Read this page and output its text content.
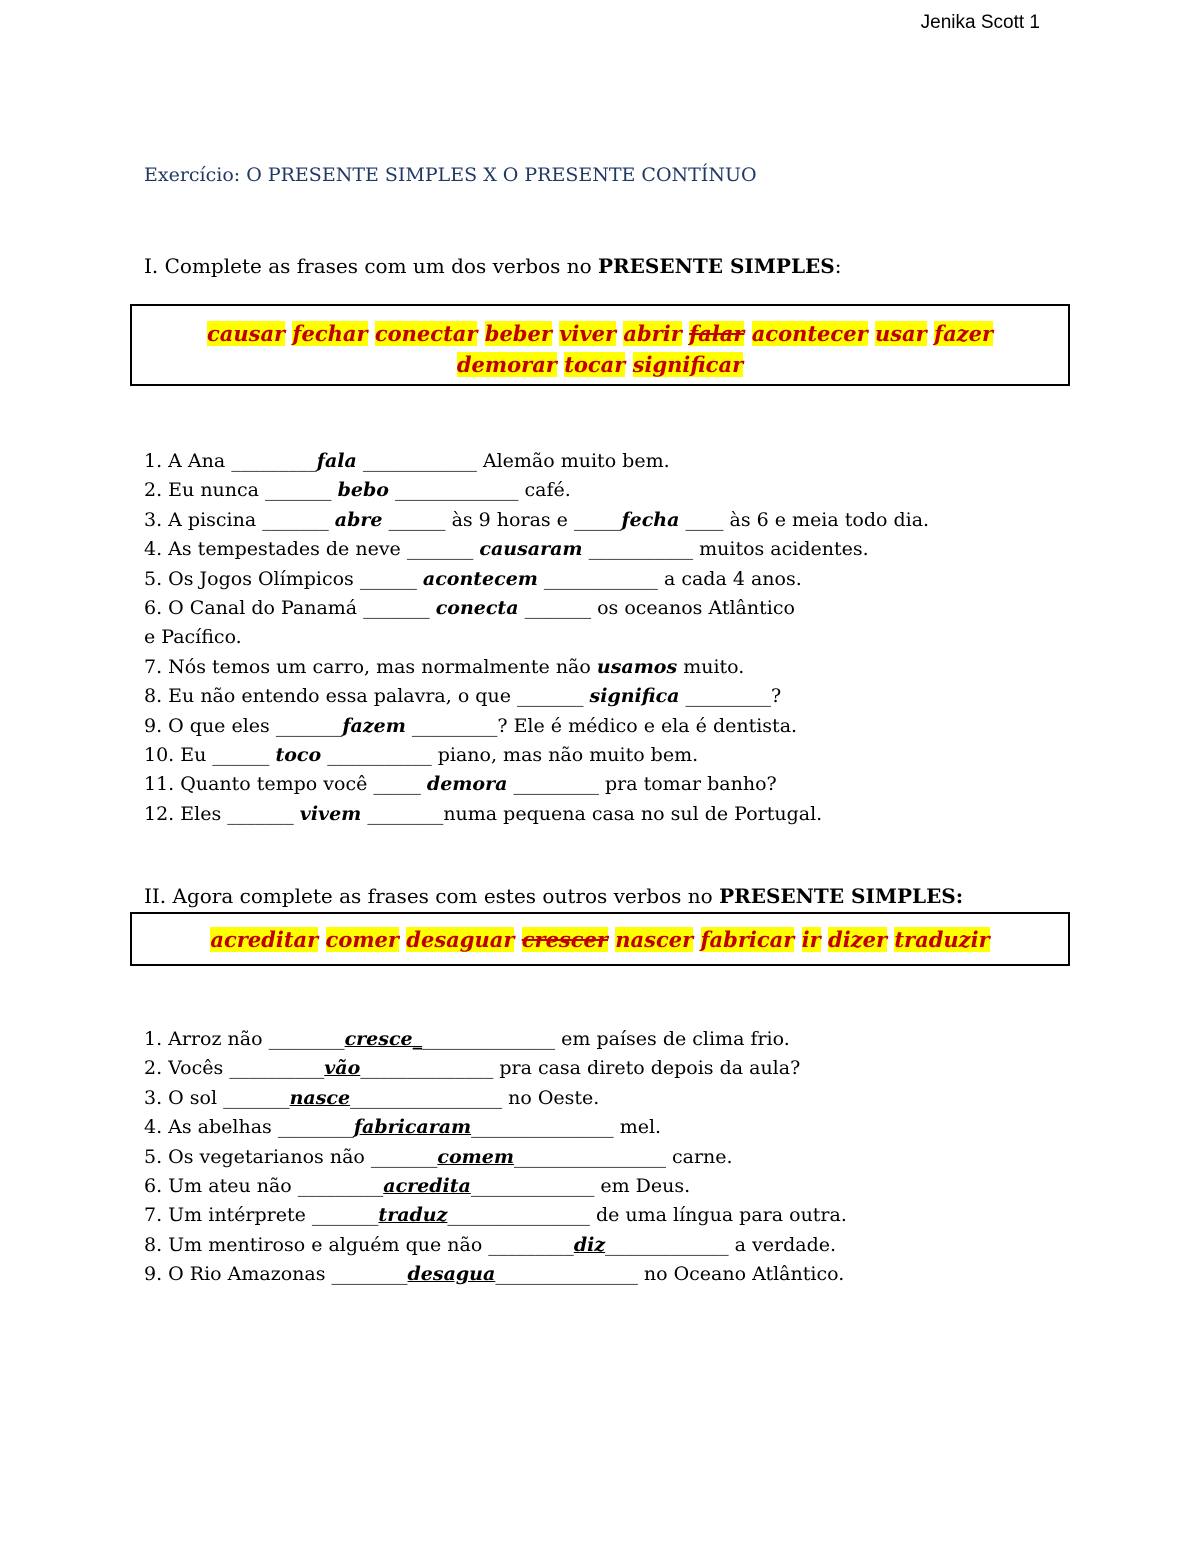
Jenika Scott 1
Exercício: O PRESENTE SIMPLES X O PRESENTE CONTÍNUO
I. Complete as frases com um dos verbos no PRESENTE SIMPLES:
causar fechar conectar beber viver abrir falar acontecer usar fazer
demorar tocar significar
1. A Ana _________fala ____________ Alemão muito bem.
2. Eu nunca _______ bebo _____________ café.
3. A piscina _______ abre ______ às 9 horas e _____fecha ____ às 6 e meia todo dia.
4. As tempestades de neve _______ causaram ___________ muitos acidentes.
5. Os Jogos Olímpicos ______ acontecem ____________ a cada 4 anos.
6. O Canal do Panamá _______ conecta _______ os oceanos Atlântico
e Pacífico.
7. Nós temos um carro, mas normalmente não usamos muito.
8. Eu não entendo essa palavra, o que _______ significa _________?
9. O que eles _______fazem _________? Ele é médico e ela é dentista.
10. Eu ______ toco ___________ piano, mas não muito bem.
11. Quanto tempo você _____ demora _________ pra tomar banho?
12. Eles _______ vivem ________numa pequena casa no sul de Portugal.
II. Agora complete as frases com estes outros verbos no PRESENTE SIMPLES:
acreditar comer desaguar crescer nascer fabricar ir dizer traduzir
1. Arroz não ________cresce_______________ em países de clima frio.
2. Vocês __________vão______________ pra casa direto depois da aula?
3. O sol _______nasce________________ no Oeste.
4. As abelhas ________fabricaram_______________ mel.
5. Os vegetarianos não _______comem________________ carne.
6. Um ateu não _________acredita_____________ em Deus.
7. Um intérprete _______traduz_______________ de uma língua para outra.
8. Um mentiroso e alguém que não _________diz_____________ a verdade.
9. O Rio Amazonas ________desagua_______________ no Oceano Atlântico.
